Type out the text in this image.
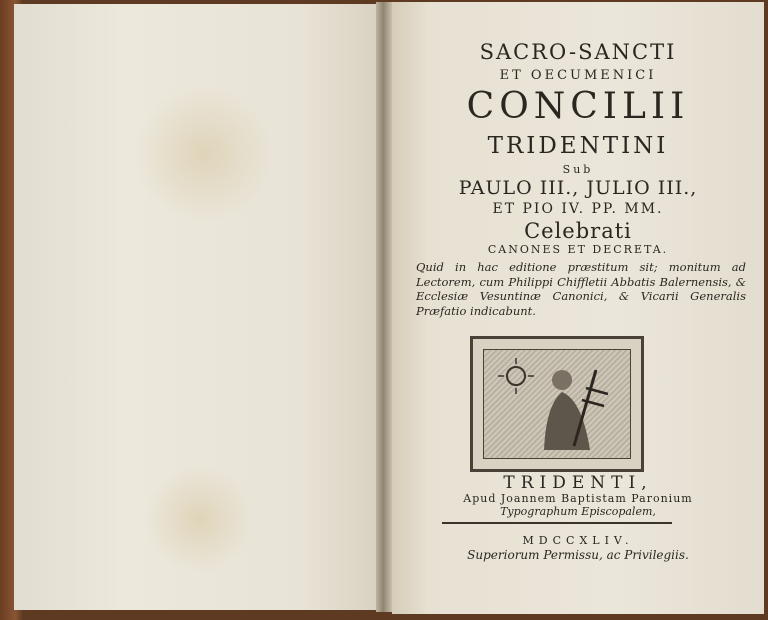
SACRO-SANCTI
ET OECUMENICI
CONCILII
TRIDENTINI
Sub
PAULO III., JULIO III.,
ET PIO IV. PP. MM.
Celebrati
CANONES ET DECRETA.
Quid in hac editione præstitum sit; monitum ad Lectorem, cum Philippi Chiffletii Abbatis Balernensis, & Ecclesiæ Vesuntinæ Canonici, & Vicarii Generalis Præfatio indicabunt.
TRIDENTI,
Apud Joannem Baptistam Paronium
Typographum Episcopalem,
MDCCXLIV.
Superiorum Permissu, ac Privilegiis.
